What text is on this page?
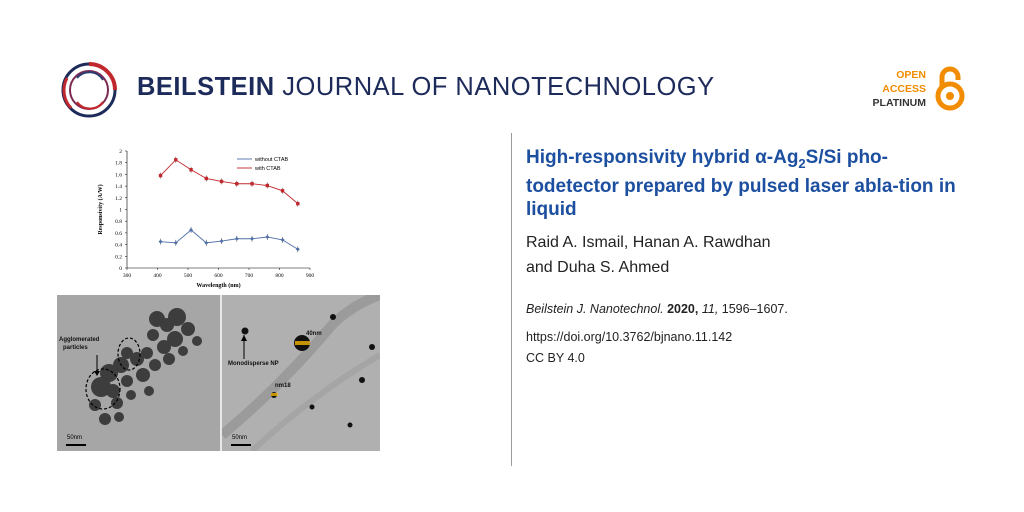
BEILSTEIN JOURNAL OF NANOTECHNOLOGY	OPEN
ACCESS
PLATINUM
300	400	500	600	700	800	900
0
0.2
0.4
0.6
0.8
1
1.2
1.4
1.6
1.8
2
Wavelength (nm)
Responsivity (A/W)
without CTAB
with CTAB
Agglomerated
particles
50nm
Monodisperse NP
40nm
nm18
50nm
High-responsivity hybrid $\alpha-Ag_2S/Si$ pho-todetector prepared by pulsed laser abla-tion in liquid
Raid A. Ismail, Hanan A. Rawdhan
and Duha S. Ahmed
Beilstein J. Nanotechnol. 2020, 11, 1596–1607.
https://doi.org/10.3762/bjnano.11.142
CC BY 4.0
